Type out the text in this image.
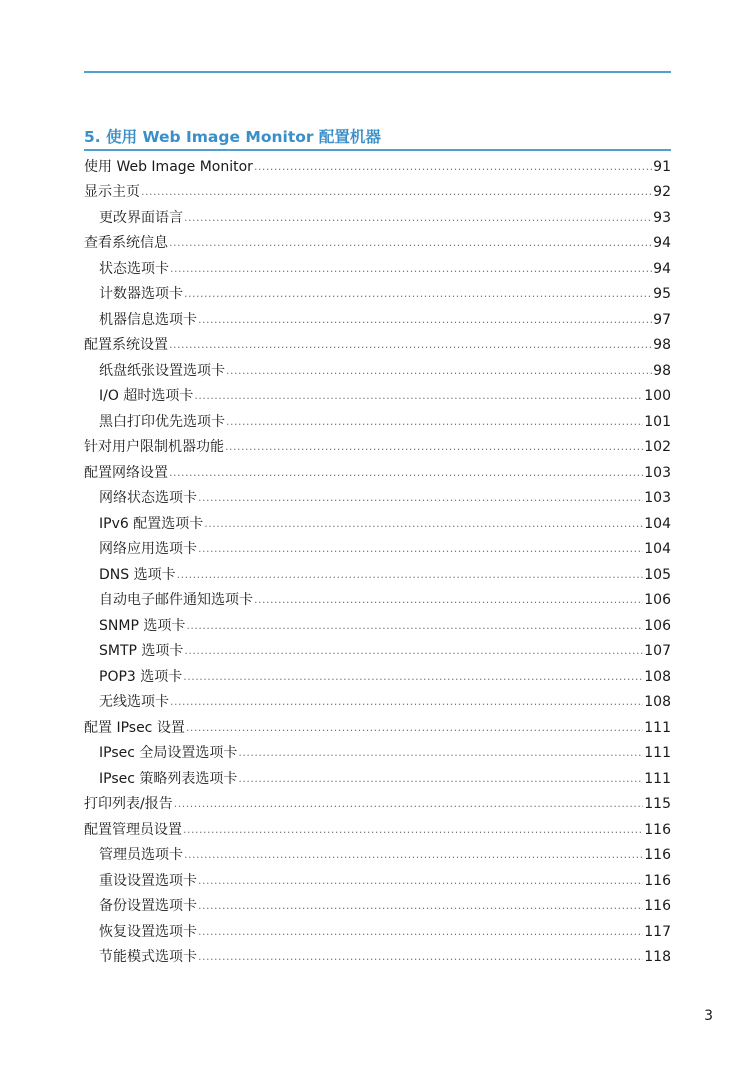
5. 使用 Web Image Monitor 配置机器
使用 Web Image Monitor .....	91
显示主页 .....	92
更改界面语言 .....	93
查看系统信息 .....	94
状态选项卡 .....	94
计数器选项卡 .....	95
机器信息选项卡 .....	97
配置系统设置 .....	98
纸盘纸张设置选项卡 .....	98
I/O 超时选项卡 .....	100
黑白打印优先选项卡 .....	101
针对用户限制机器功能 .....	102
配置网络设置 .....	103
网络状态选项卡 .....	103
IPv6 配置选项卡 .....	104
网络应用选项卡 .....	104
DNS 选项卡 .....	105
自动电子邮件通知选项卡 .....	106
SNMP 选项卡 .....	106
SMTP 选项卡 .....	107
POP3 选项卡 .....	108
无线选项卡 .....	108
配置 IPsec 设置 .....	111
IPsec 全局设置选项卡 .....	111
IPsec 策略列表选项卡 .....	111
打印列表/报告 .....	115
配置管理员设置 .....	116
管理员选项卡 .....	116
重设设置选项卡 .....	116
备份设置选项卡 .....	116
恢复设置选项卡 .....	117
节能模式选项卡 .....	118
3
